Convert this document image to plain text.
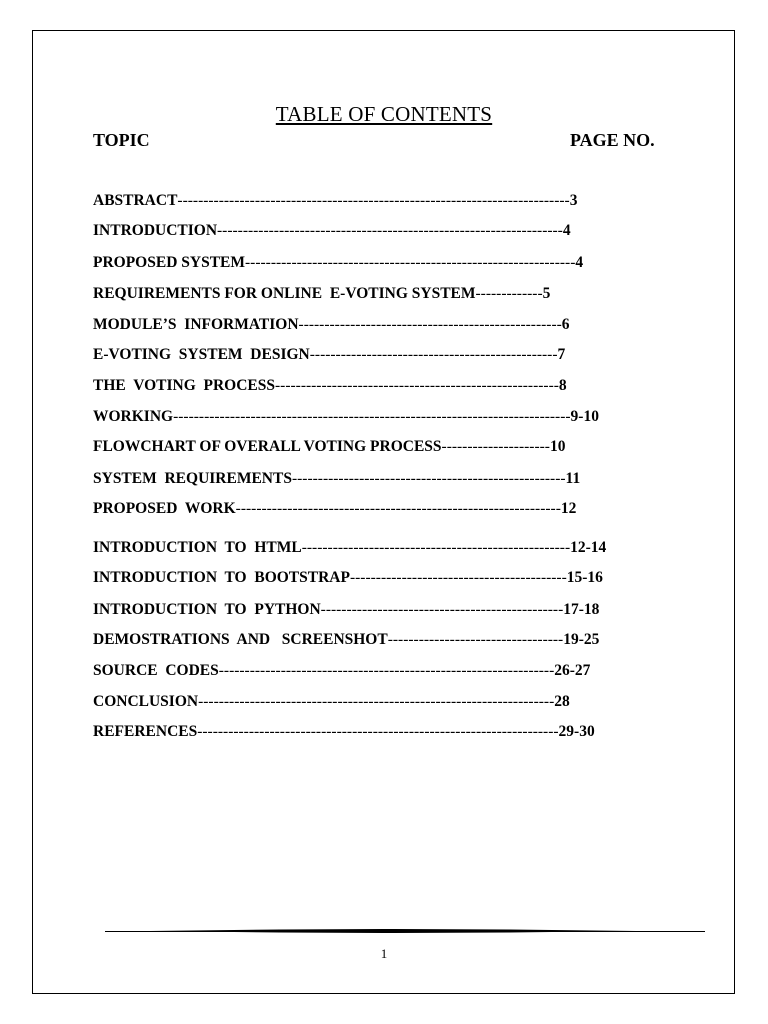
TABLE OF CONTENTS
TOPIC	PAGE NO.
ABSTRACT----------------------------------------------------------------------------3
INTRODUCTION-------------------------------------------------------------------4
PROPOSED SYSTEM----------------------------------------------------------------4
REQUIREMENTS FOR ONLINE  E-VOTING SYSTEM-------------5
MODULE’S  INFORMATION---------------------------------------------------6
E-VOTING  SYSTEM  DESIGN------------------------------------------------7
THE  VOTING  PROCESS-------------------------------------------------------8
WORKING-----------------------------------------------------------------------------9-10
FLOWCHART OF OVERALL VOTING PROCESS---------------------10
SYSTEM  REQUIREMENTS-----------------------------------------------------11
PROPOSED  WORK---------------------------------------------------------------12
INTRODUCTION  TO  HTML----------------------------------------------------12-14
INTRODUCTION  TO  BOOTSTRAP------------------------------------------15-16
INTRODUCTION  TO  PYTHON-----------------------------------------------17-18
DEMOSTRATIONS  AND   SCREENSHOT----------------------------------19-25
SOURCE  CODES-----------------------------------------------------------------26-27
CONCLUSION---------------------------------------------------------------------28
REFERENCES----------------------------------------------------------------------29-30
1
